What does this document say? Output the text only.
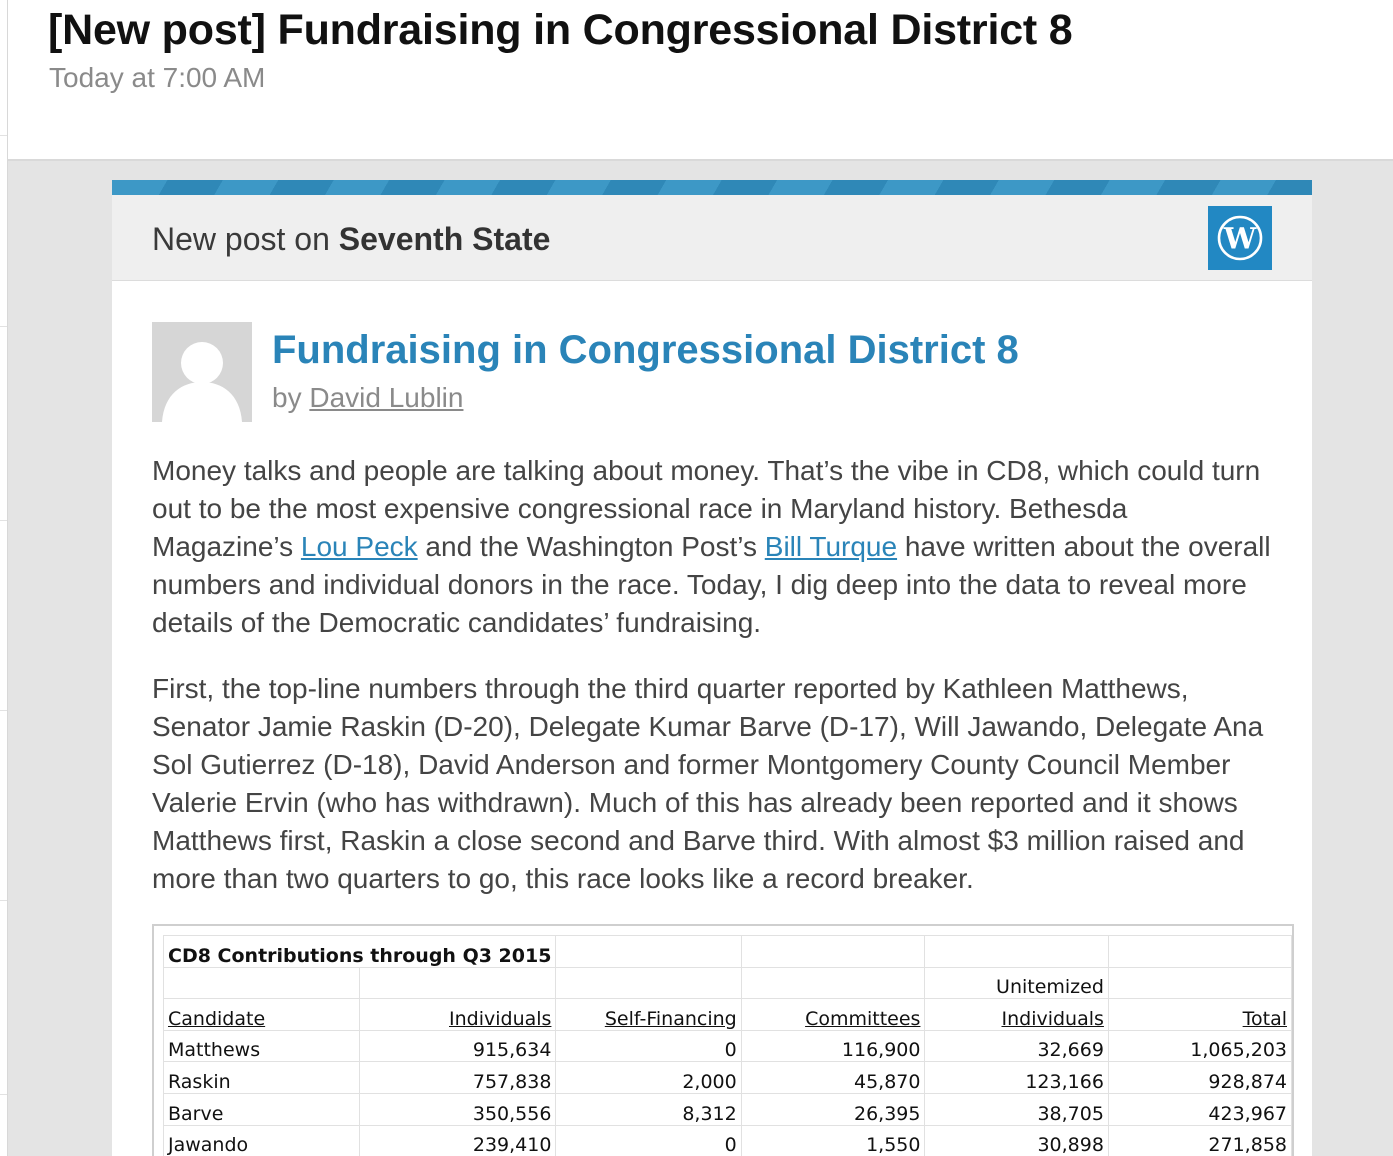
[New post] Fundraising in Congressional District 8
Today at 7:00 AM
New post on Seventh State	W
Fundraising in Congressional District 8
by David Lublin
Money talks and people are talking about money. That’s the vibe in CD8, which could turn out to be the most expensive congressional race in Maryland history. Bethesda Magazine’s Lou Peck and the Washington Post’s Bill Turque have written about the overall numbers and individual donors in the race. Today, I dig deep into the data to reveal more details of the Democratic candidates’ fundraising.
First, the top-line numbers through the third quarter reported by Kathleen Matthews, Senator Jamie Raskin (D-20), Delegate Kumar Barve (D-17), Will Jawando, Delegate Ana Sol Gutierrez (D-18), David Anderson and former Montgomery County Council Member Valerie Ervin (who has withdrawn). Much of this has already been reported and it shows Matthews first, Raskin a close second and Barve third. With almost $3 million raised and more than two quarters to go, this race looks like a record breaker.
CD8 Contributions through Q3 2015					
				Unitemized	
Candidate	Individuals	Self-Financing	Committees	Individuals	Total
Matthews	915,634	0	116,900	32,669	1,065,203
Raskin	757,838	2,000	45,870	123,166	928,874
Barve	350,556	8,312	26,395	38,705	423,967
Jawando	239,410	0	1,550	30,898	271,858
